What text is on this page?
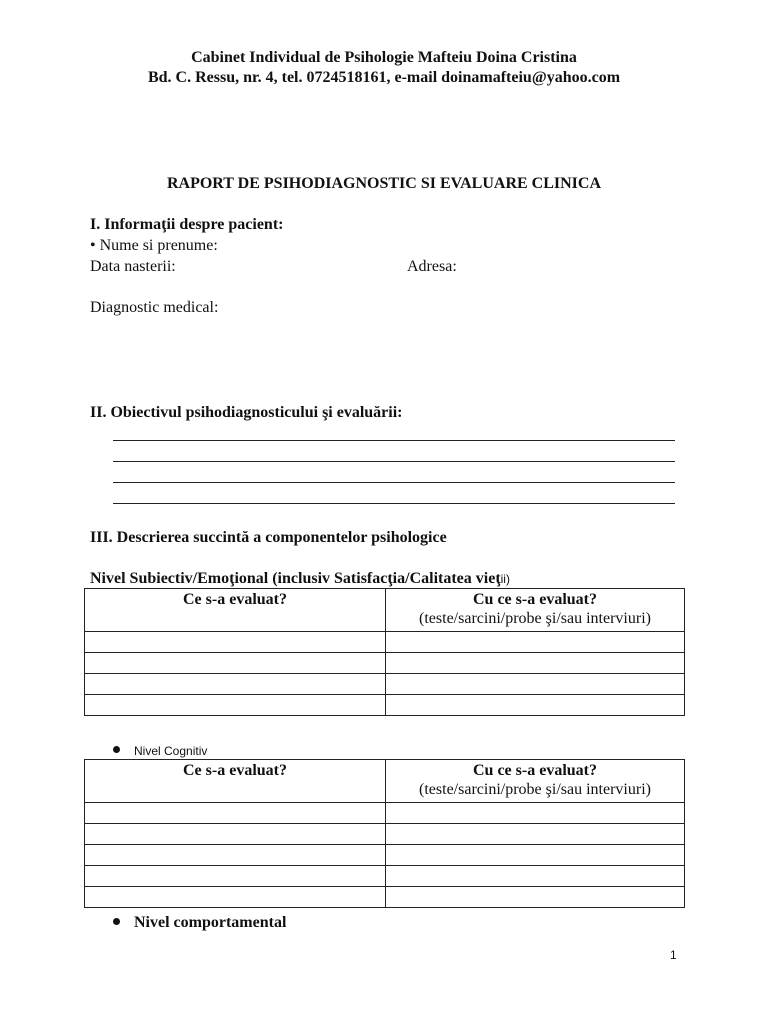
Cabinet Individual de Psihologie Mafteiu Doina Cristina
Bd. C. Ressu, nr. 4, tel. 0724518161, e-mail doinamafteiu@yahoo.com
RAPORT DE PSIHODIAGNOSTIC SI EVALUARE CLINICA
I. Informaţii despre pacient:
• Nume si prenume:
Data nasterii:	Adresa:
Diagnostic medical:
II. Obiectivul psihodiagnosticului şi evaluării:
III. Descrierea succintă a componentelor psihologice
Nivel Subiectiv/Emoţional (inclusiv Satisfacţia/Calitatea vieţii)
Ce s-a evaluat?	Cu ce s-a evaluat?
(teste/sarcini/probe şi/sau interviuri)

Nivel Cognitiv
Ce s-a evaluat?	Cu ce s-a evaluat?
(teste/sarcini/probe şi/sau interviuri)

Nivel comportamental
1
